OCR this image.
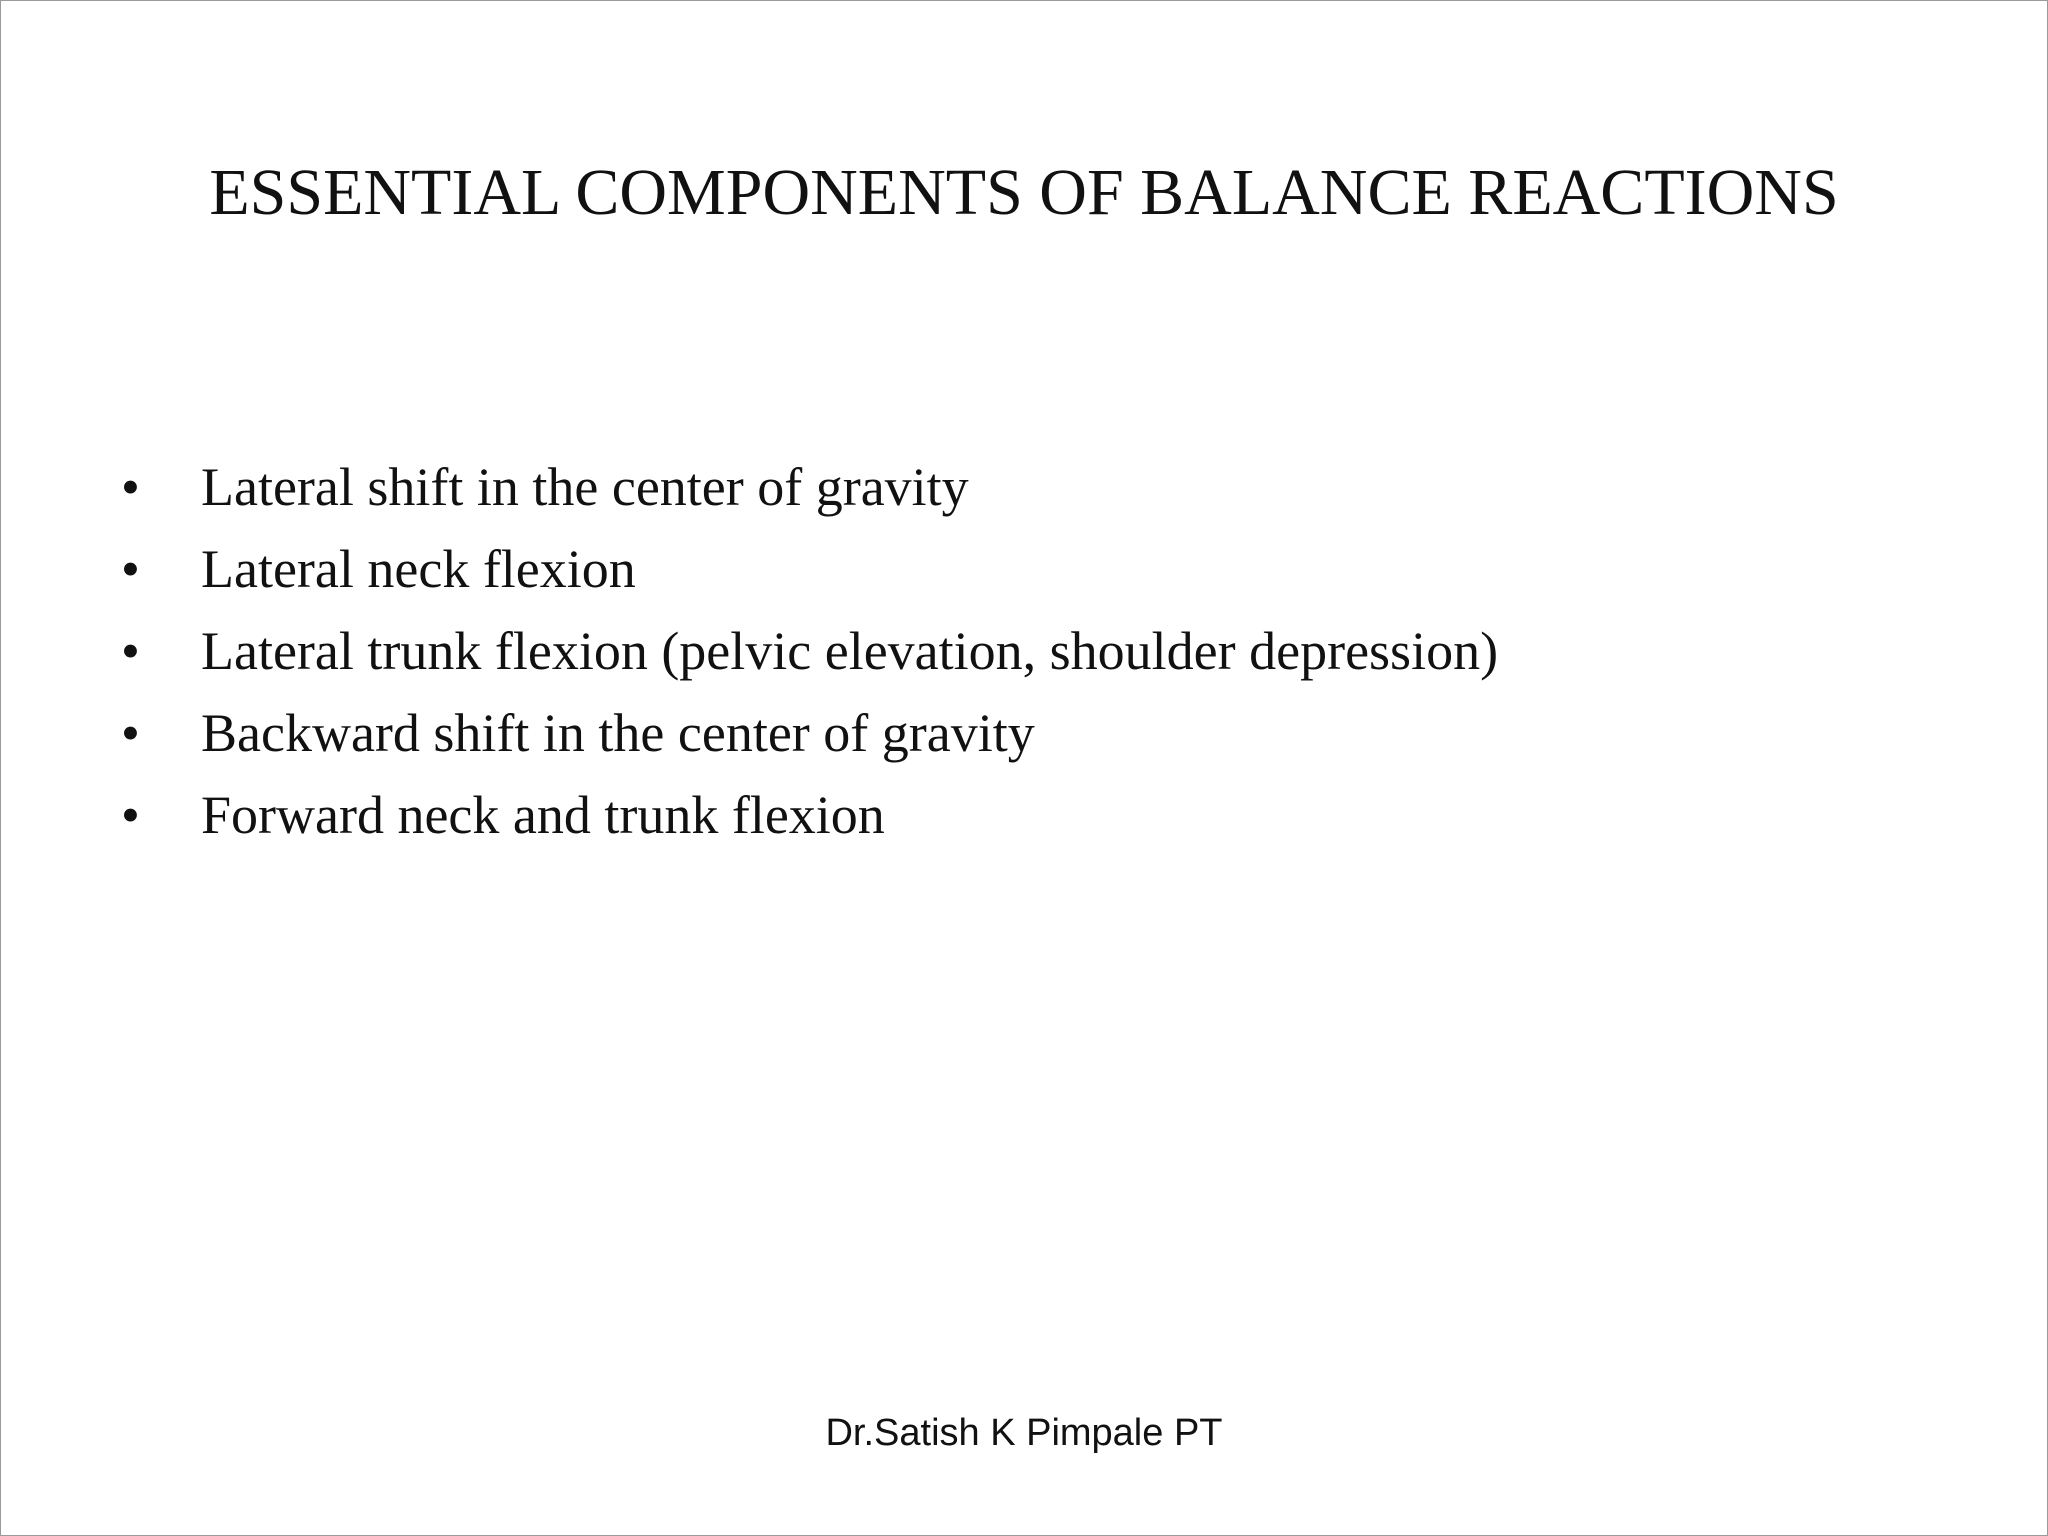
ESSENTIAL COMPONENTS OF BALANCE REACTIONS
• Lateral shift in the center of gravity
• Lateral neck flexion
• Lateral trunk flexion (pelvic elevation, shoulder depression)
• Backward shift in the center of gravity
• Forward neck and trunk flexion
Dr.Satish K Pimpale PT
